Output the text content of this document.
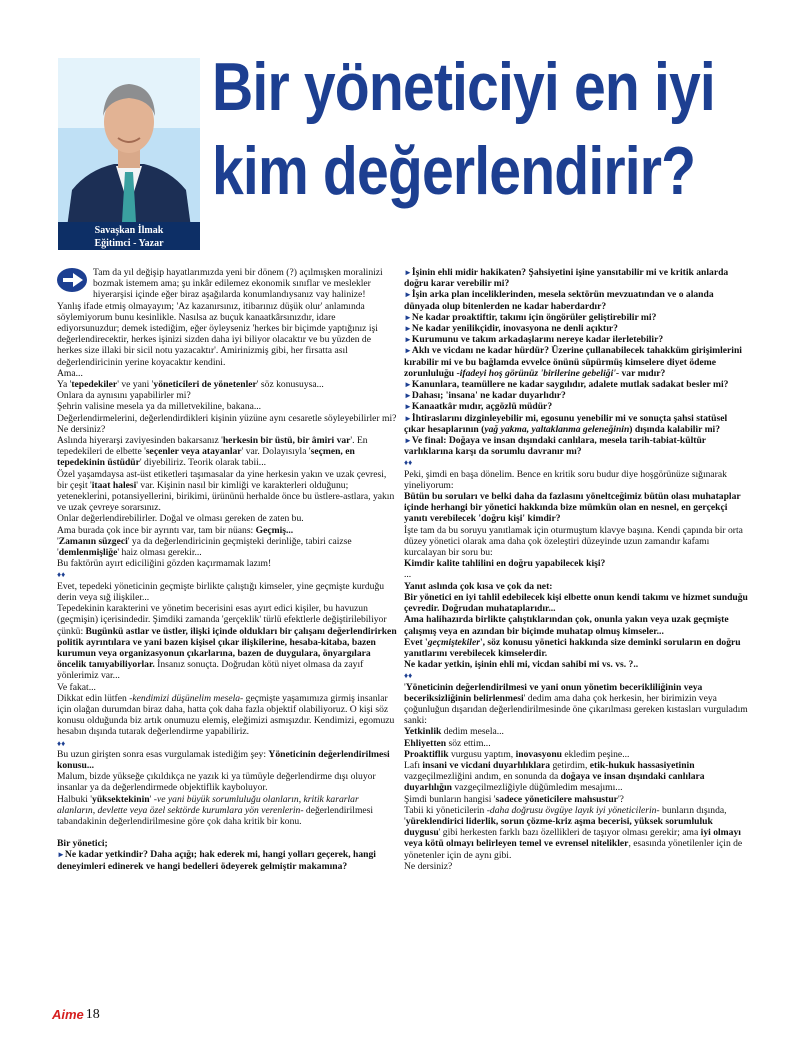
Savaşkan İlmak
Eğitimci - Yazar
Bir yöneticiyi en iyi
kim değerlendirir?

Tam da yıl değişip hayatlarımızda yeni bir dönem (?) açılmışken moralinizi bozmak istemem ama; şu inkâr edilemez ekonomik sınıflar ve meslekler hiyerarşisi içinde eğer biraz aşağılarda konumlandıysanız vay halinize!

Yanlış ifade etmiş olmayayım; 'Az kazanırsınız, itibarınız düşük olur' anlamında söylemiyorum bunu kesinlikle. Nasılsa az buçuk kanaatkârsınızdır, idare ediyorsunuzdur; demek istediğim, eğer öyleyseniz 'herkes bir biçimde yaptığınız işi değerlendirecektir, herkes işinizi sizden daha iyi biliyor olacaktır ve bu yüzden de herkes size illaki bir sicil notu yazacaktır'. Amirinizmiş gibi, her firsatta asıl değerlendiricinin yerine koyacaktır kendini.

Ama...

Ya 'tepedekiler' ve yani 'yöneticileri de yönetenler' söz konusuysa...

Onlara da aynısını yapabilirler mi?

Şehrin valisine mesela ya da milletvekiline, bakana...

Değerlendirmelerini, değerlendirdikleri kişinin yüzüne aynı cesaretle söyleyebilirler mi? Ne dersiniz?

Aslında hiyerarşi zaviyesinden bakarsanız 'herkesin bir üstü, bir âmiri var'. En tepedekileri de elbette 'seçenler veya atayanlar' var. Dolayısıyla 'seçmen, en tepedekinin üstüdür' diyebiliriz. Teorik olarak tabii...

Özel yaşamdaysa ast-üst etiketleri taşımasalar da yine herkesin yakın ve uzak çevresi, bir çeşit 'itaat halesi' var. Kişinin nasıl bir kimliği ve karakterleri olduğunu; yetenekleri̇ni, potansiyellerini, birikimi, ürününü herhalde önce bu üstlere-astlara, yakın ve uzak çevreye sorarsınız.

Onlar değerlendirebilirler. Doğal ve olması gereken de zaten bu.

Ama burada çok ince bir ayrıntı var, tam bir nüans: Geçmiş...

'Zamanın süzgeci' ya da değerlendiricinin geçmişteki derinliğe, tabiri caizse 'demlenmişliğe' haiz olması gerekir...

Bu faktörün ayırt ediciliğini gözden kaçırmamak lazım!

♦♦

Evet, tepedeki yöneticinin geçmişte birlikte çalıştığı kimseler, yine geçmişte kurduğu derin veya sığ ilişkiler...

Tepedekinin karakterini ve yönetim becerisini esas ayırt edici kişiler, bu havuzun (geçmişin) içerisindedir. Şimdiki zamanda 'gerçeklik' türlü efektlerle değiştirilebiliyor çünkü: Bugünkü astlar ve üstler, ilişki içinde oldukları bir çalışanı değerlendirirken politik ayrıntılara ve yani bazen kişisel çıkar ilişkilerine, hesaba-kitaba, bazen kurumun veya organizasyonun çıkarlarına, bazen de duygulara, önyargılara öncelik tanıyabiliyorlar. İnsanız sonuçta. Doğrudan kötü niyet olmasa da zayıf yönlerimiz var...

Ve fakat...

Dikkat edin lütfen -kendimizi düşünelim mesela- geçmişte yaşamımıza girmiş insanlar için olağan durumdan biraz daha, hatta çok daha fazla objektif olabiliyoruz. O kişi söz konusu olduğunda biz artık onumuzu elemiş, eleğimizi asmışızdır. Kendimizi, egomuzu hesabın dışında tutarak değerlendirme yapabiliriz.

♦♦

Bu uzun girişten sonra esas vurgulamak istediğim şey: Yöneticinin değerlendirilmesi konusu...

Malum, bizde yükseğe çıkıldıkça ne yazık ki ya tümüyle değerlendirme dışı oluyor insanlar ya da değerlendirmede objektiflik kayboluyor.

Halbuki 'yüksektekinin' -ve yani büyük sorumluluğu olanların, kritik kararlar alanların, devlette veya özel sektörde kurumlara yön verenlerin- değerlendirilmesi tabandakinin değerlendirilmesine göre çok daha kritik bir konu.

Bir yönetici;

►Ne kadar yetkindir? Daha açığı; hak ederek mi, hangi yolları geçerek, hangi deneyimleri edinerek ve hangi bedelleri ödeyerek gelmiştir makamına?

►İşinin ehli midir hakikaten? Şahsiyetini işine yansıtabilir mi ve kritik anlarda doğru karar verebilir mi?

►İşin arka plan inceliklerinden, mesela sektörün mevzuatından ve o alanda dünyada olup bitenlerden ne kadar haberdardır?

►Ne kadar proaktiftir, takımı için öngörüler geliştirebilir mi?

►Ne kadar yenilikçidir, inovasyona ne denli açıktır?

►Kurumunu ve takım arkadaşlarını nereye kadar ilerletebilir?

►Aklı ve vicdanı ne kadar hürdür? Üzerine çullanabilecek tahakküm girişimlerini kırabilir mi ve bu bağlamda evvelce önünü süpürmüş kimselere diyet ödeme zorunluluğu -ifadeyi hoş görünüz 'birilerine gebeliği'- var mıdır?

►Kanunlara, teamüllere ne kadar saygılıdır, adalete mutlak sadakat besler mi?

►Dahası; 'insana' ne kadar duyarlıdır?

►Kanaatkâr mıdır, açgözlü müdür?

►İhtiraslarını dizginleyebilir mi, egosunu yenebilir mi ve sonuçta şahsi statüsel çıkar hesaplarının (yağ yakma, yaltaklanma geleneğinin) dışında kalabilir mi?

►Ve final: Doğaya ve insan dışındaki canlılara, mesela tarih-tabiat-kültür varlıklarına karşı da sorumlu davranır mı?

♦♦

Peki, şimdi en başa dönelim. Bence en kritik soru budur diye hoşgörünüze sığınarak yineliyorum:

Bütün bu soruları ve belki daha da fazlasını yöneltceğimiz bütün olası muhataplar içinde herhangi bir yönetici hakkında bize mümkün olan en nesnel, en gerçekçi yanıtı verebilecek 'doğru kişi' kimdir?

İşte tam da bu soruyu yanıtlamak için oturmuştum klavye başına. Kendi çapında bir orta düzey yönetici olarak ama daha çok özeleştiri düzeyinde uzun zamandır kafamı kurcalayan bir soru bu:

Kimdir kalite tahlilini en doğru yapabilecek kişi?

...

Yanıt aslında çok kısa ve çok da net:

Bir yönetici en iyi tahlil edebilecek kişi elbette onun kendi takımı ve hizmet sunduğu çevredir. Doğrudan muhataplarıdır...

Ama halihazırda birlikte çalıştıklarından çok, onunla yakın veya uzak geçmişte çalışmış veya en azından bir biçimde muhatap olmuş kimseler...

Evet 'geçmiştekiler', söz konusu yönetici hakkında size deminki soruların en doğru yanıtlarını verebilecek kimselerdir.

Ne kadar yetkin, işinin ehli mi, vicdan sahibi mi vs. vs. ?..

♦♦

'Yöneticinin değerlendirilmesi ve yani onun yönetim becerikliliğinin veya beceriksizliğinin belirlenmesi' dedim ama daha çok herkesin, her birimizin veya çoğunluğun dışarıdan değerlendirilmesinde öne çıkarılması gereken kıstasları vurguladım sanki:

Yetkinlik dedim mesela...

Ehliyetten söz ettim...

Proaktiflik vurgusu yaptım, inovasyonu ekledim peşine...

Lafı insani ve vicdani duyarlılıklara getirdim, etik-hukuk hassasiyetinin vazgeçilmezliğini andım, en sonunda da doğaya ve insan dışındaki canlılara duyarlılığın vazgeçilmezliğiyle düğümledim mesajımı...

Şimdi bunların hangisi 'sadece yöneticilere mahsustur'?

Tabii ki yöneticilerin -daha doğrusu övgüye layık iyi yöneticilerin- bunların dışında, 'yüreklendirici liderlik, sorun çözme-kriz aşma becerisi, yüksek sorumluluk duygusu' gibi herkesten farklı bazı özellikleri de taşıyor olması gerekir; ama iyi olmayı veya kötü olmayı belirleyen temel ve evrensel nitelikler, esasında yönetilenler için de yönetenler için de aynı gibi.

Ne dersiniz?

Aime 18
